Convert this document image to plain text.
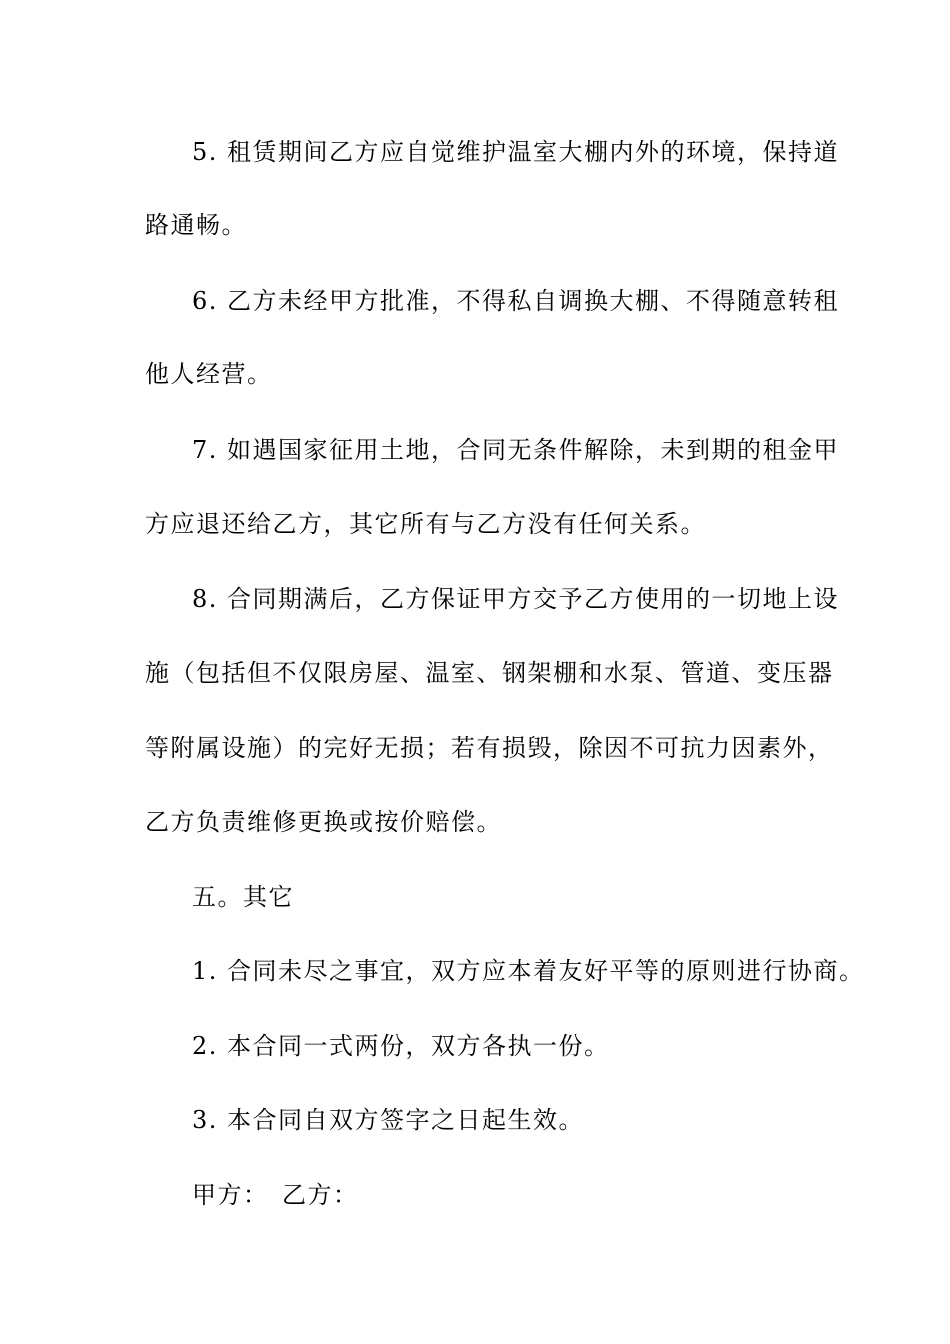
5. 租赁期间乙方应自觉维护温室大棚内外的环境，保持道
路通畅。
6. 乙方未经甲方批准，不得私自调换大棚、不得随意转租
他人经营。
7. 如遇国家征用土地，合同无条件解除，未到期的租金甲
方应退还给乙方，其它所有与乙方没有任何关系。
8. 合同期满后，乙方保证甲方交予乙方使用的一切地上设
施（包括但不仅限房屋、温室、钢架棚和水泵、管道、变压器
等附属设施）的完好无损；若有损毁，除因不可抗力因素外，
乙方负责维修更换或按价赔偿。
五。其它
1. 合同未尽之事宜，双方应本着友好平等的原则进行协商。
2. 本合同一式两份，双方各执一份。
3. 本合同自双方签字之日起生效。
甲方：　乙方：
